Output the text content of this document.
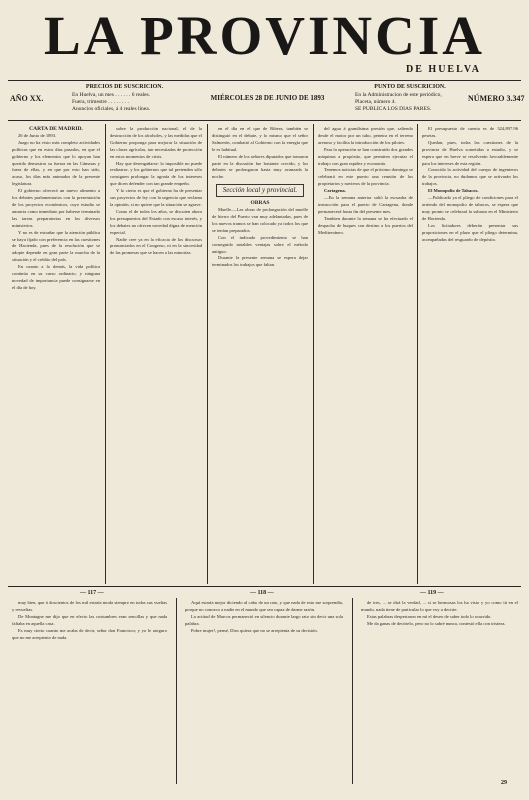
LA PROVINCIA
DE HUELVA
AÑO XX.
PRECIOS DE SUSCRICION.
En Huelva, un mes . . . . . . 6 reales.
Fuera, trimestre . . . . . . . .
Anuncios oficiales, á 4 reales línea.
MIÉRCOLES 28 DE JUNIO DE 1893
PUNTO DE SUSCRICION.
En la Administracion de este periódico,
Placeta, número 4.
SE PUBLICA LOS DIAS PARES.
NÚMERO 3.347

CARTA DE MADRID.

26 de Junio de 1893.

Juzgo no ha visto más completo actividades políticas que en estos días pasados, en que el gobierno y los elementos que lo apoyan han querido demostrar su fuerza en las Cámaras y fuera de ellas, y en que por esto han sido, acaso, los días más animados de la presente legislatura.

El gobierno ofrecerá un nuevo alimento a los debates parlamentarios con la presentación de los proyectos económicos, cuyo estudio se anuncia como inmediato por haberse terminado las tareas preparatorias en los diversos ministerios.

Y no es de extrañar que la atención pública se haya fijado con preferencia en las cuestiones de Hacienda, pues de la resolución que se adopte depende en gran parte la marcha de la situación y el crédito del país.

En cuanto a lo demás, la vida política continúa en su curso ordinario, y ninguna novedad de importancia puede consignarse en el día de hoy.

sobre la producción nacional, el de la destrucción de los alcoholes, y las medidas que el Gobierno proponga para mejorar la situación de las clases agrícolas, tan necesitadas de protección en estos momentos de crisis.

Hay que desengañarse: lo imposible no puede realizarse, y los gobiernos que tal pretenden sólo consiguen prolongar la agonía de los intereses que dicen defender con tan grande empeño.

Y lo cierto es que el gobierno ha de presentar sus proyectos de ley con la urgencia que reclama la opinión, si no quiere que la situación se agrave.

Como el de todos los años, se discuten ahora los presupuestos del Estado con escaso interés, y los debates no ofrecen novedad digna de mención especial.

Nadie cree ya en la eficacia de los discursos pronunciados en el Congreso, ni en la sinceridad de las promesas que se hacen a las minorías.

en el día en el que de Ribera, también se distinguió en el debate, y lo mismo que el señor Salmerón, combatió al Gobierno con la energía que le es habitual.

El número de los señores diputados que tomaron parte en la discusión fue bastante crecido, y los debates se prolongaron hasta muy avanzada la noche.

Sección local y provincial.

OBRAS

Muelle.—Las obras de prolongación del muelle de hierro del Puerto van muy adelantadas, pues de los nuevos tramos se han colocado ya todos los que se tenían preparados.

Con el indicado procedimiento se han conseguido notables ventajas sobre el método antiguo.

Durante la presente semana se espera dejar terminados los trabajos que faltan.

del agua á grandísima presión que, saliendo desde el motor por un tubo, penetra en el terreno arenoso y facilita la introducción de los pilotes.

Para la operación se han construido dos grandes máquinas a propósito, que permiten ejecutar el trabajo con gran rapidez y economía.

Tenemos noticias de que el próximo domingo se celebrará en este puerto una reunión de los propietarios y navieros de la provincia.

Cartagena.

—En la semana anterior salió la escuadra de instrucción para el puerto de Cartagena, donde permanecerá hasta fin del presente mes.

Tambien durante la semana se ha efectuado el despacho de buques con destino a los puertos del Mediterráneo.

El presupuesto de cuenta es de 324,897.96 pesetas.

Quedan, pues, todas las cuestiones de la provincia de Huelva sometidas a estudio, y se espera que en breve se resolverán favorablemente para los intereses de esta región.

Conocida la actividad del cuerpo de ingenieros de la provincia, no dudamos que se activarán los trabajos.

El Monopolio de Tabacos.

—Publicado ya el pliego de condiciones para el arriendo del monopolio de tabacos, se espera que muy pronto se celebrará la subasta en el Ministerio de Hacienda.

Los licitadores deberán presentar sus proposiciones en el plazo que el pliego determina, acompañadas del resguardo de depósito.

— 117 —	— 118 —	— 119 —

muy bien, que á doscientos de los mil estaría moda siempre en todas sus vueltas y revueltas.

De Montagne me dijo que en efecto las costumbres eran sencillas y que nada faltaba en aquella casa.

Es muy cierto cuanto me acaba de decir, señor don Francisco; y yo le aseguro que no me arrepiento de nada.

Aquí estaría mejor diciendo al cabo de un rato, y que nada de esto me sorprendía, porque no conozco a nadie en el mundo que sea capaz de darme razón.

La actitud de Marcos permaneció en silencio durante largo rato sin decir una sola palabra.

Pobre mujer!, pensé, Dios quiera que no se arrepienta de su decisión.

de tres, ... se dirá la verdad, ... si se hermosas los ha visto y yo como tú en el mundo, nada tiene de particular lo que voy a decirte.

Estas palabras despertaron en mí el deseo de saber todo lo ocurrido.

Me da ganas de decírtelo, pero no lo sabré nunca, contestó ella con tristeza.

29
